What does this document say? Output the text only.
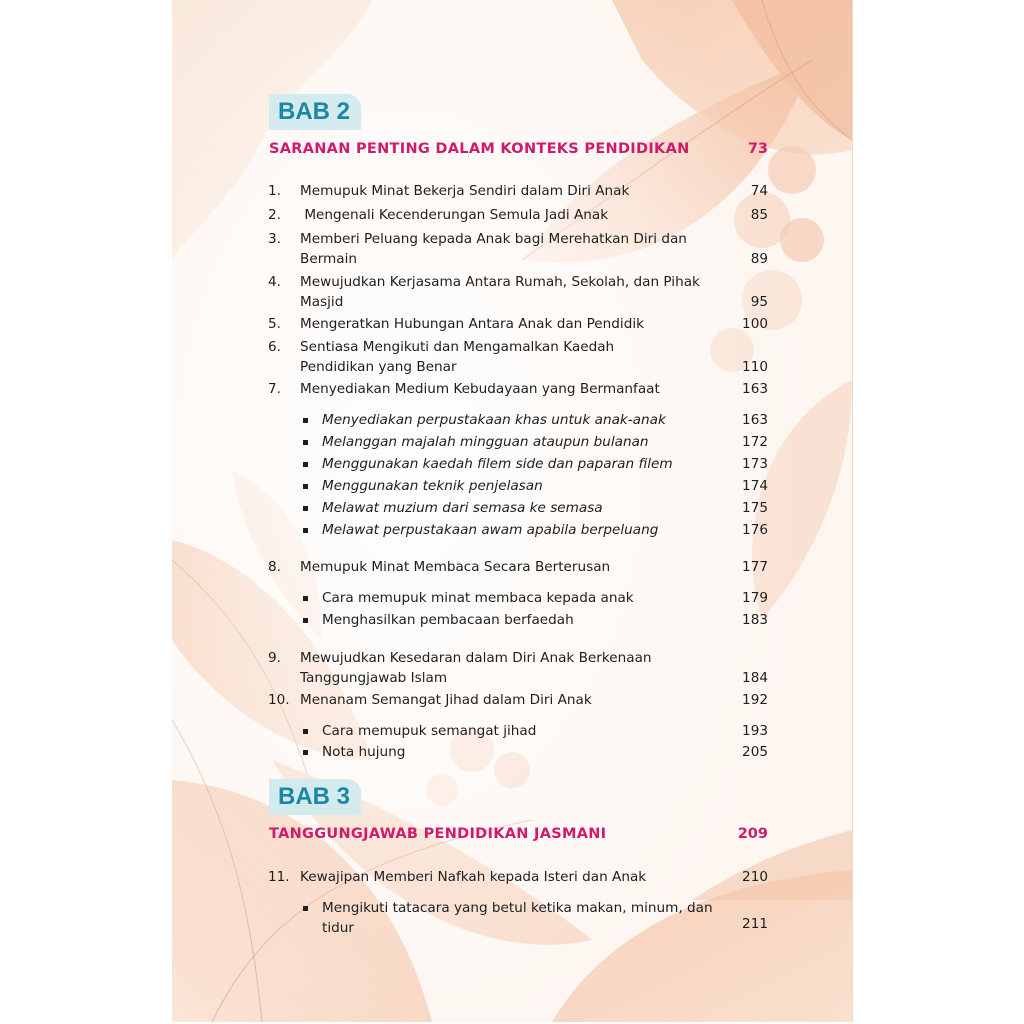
BAB 2
SARANAN PENTING DALAM KONTEKS PENDIDIKAN	73
1. Memupuk Minat Bekerja Sendiri dalam Diri Anak	74
2. Mengenali Kecenderungan Semula Jadi Anak	85
3. Memberi Peluang kepada Anak bagi Merehatkan Diri dan Bermain	89
4. Mewujudkan Kerjasama Antara Rumah, Sekolah, dan Pihak Masjid	95
5. Mengeratkan Hubungan Antara Anak dan Pendidik	100
6. Sentiasa Mengikuti dan Mengamalkan Kaedah Pendidikan yang Benar	110
7. Menyediakan Medium Kebudayaan yang Bermanfaat	163
Menyediakan perpustakaan khas untuk anak-anak	163
Melanggan majalah mingguan ataupun bulanan	172
Menggunakan kaedah filem side dan paparan filem	173
Menggunakan teknik penjelasan	174
Melawat muzium dari semasa ke semasa	175
Melawat perpustakaan awam apabila berpeluang	176
8. Memupuk Minat Membaca Secara Berterusan	177
Cara memupuk minat membaca kepada anak	179
Menghasilkan pembacaan berfaedah	183
9. Mewujudkan Kesedaran dalam Diri Anak Berkenaan Tanggungjawab Islam	184
10. Menanam Semangat Jihad dalam Diri Anak	192
Cara memupuk semangat jihad	193
Nota hujung	205
BAB 3
TANGGUNGJAWAB PENDIDIKAN JASMANI	209
11. Kewajipan Memberi Nafkah kepada Isteri dan Anak	210
Mengikuti tatacara yang betul ketika makan, minum, dan tidur	211
